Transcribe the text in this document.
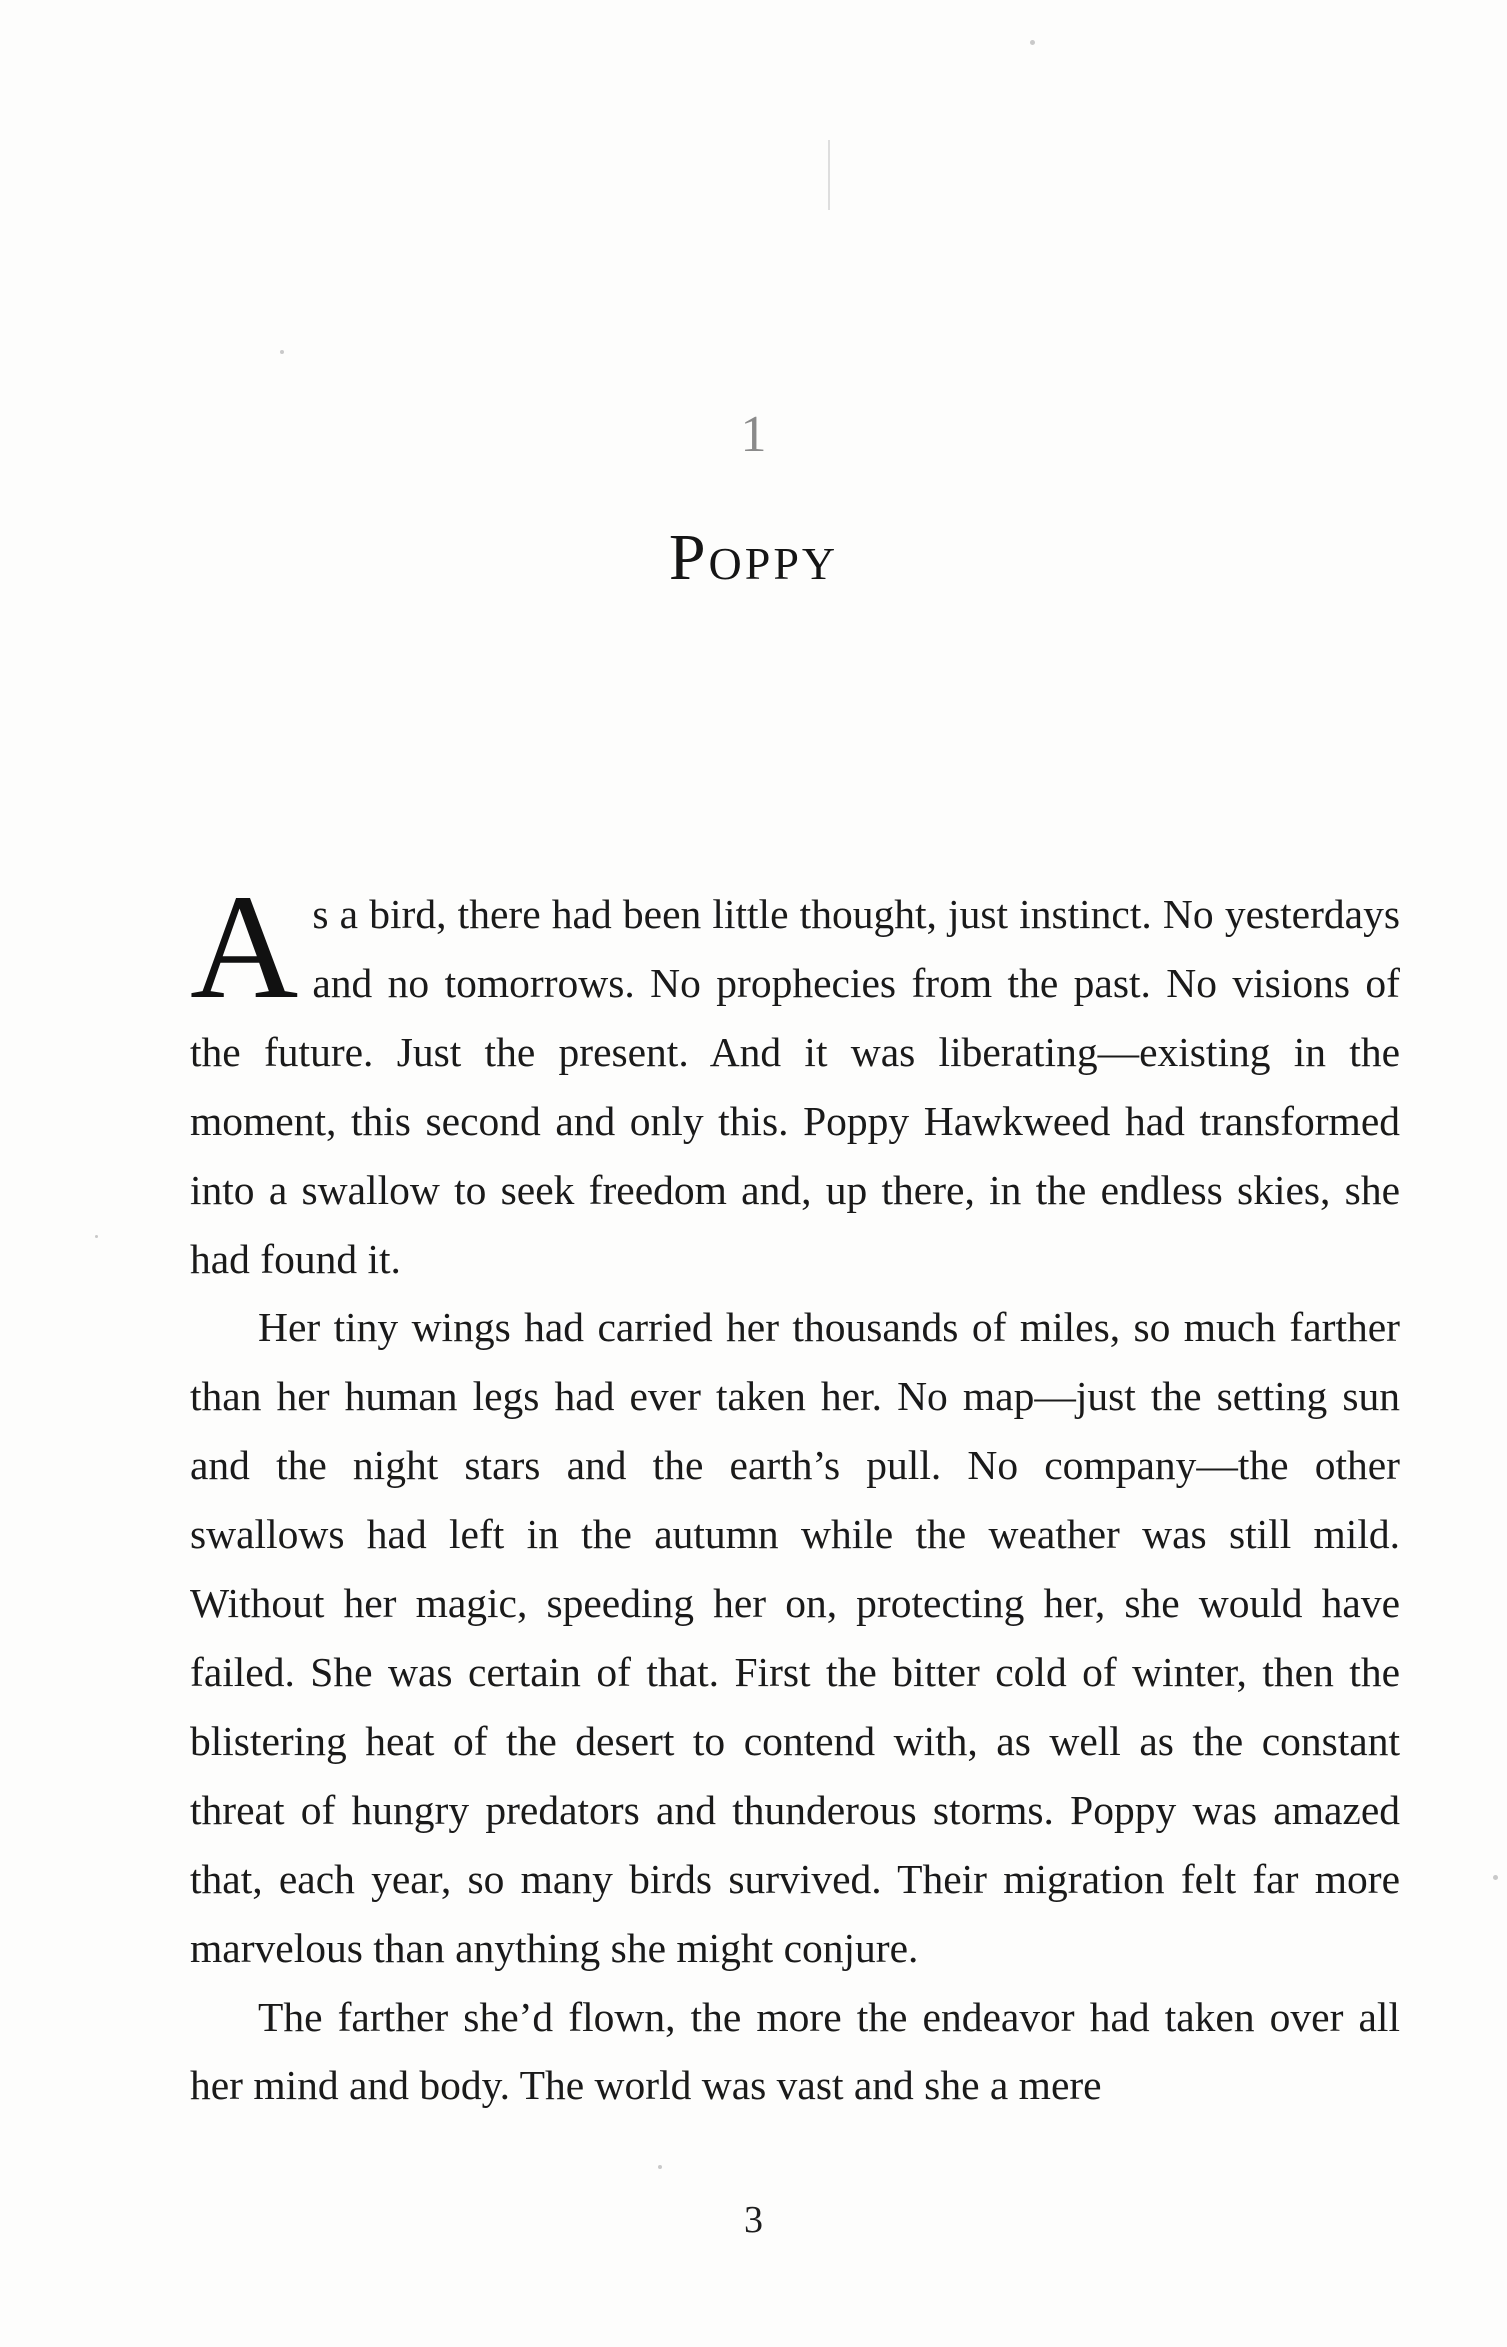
1
Poppy

As a bird, there had been little thought, just instinct. No yesterdays and no tomorrows. No prophecies from the past. No visions of the future. Just the present. And it was liberating—existing in the moment, this second and only this. Poppy Hawkweed had transformed into a swallow to seek freedom and, up there, in the endless skies, she had found it.

Her tiny wings had carried her thousands of miles, so much farther than her human legs had ever taken her. No map—just the setting sun and the night stars and the earth’s pull. No company—the other swallows had left in the autumn while the weather was still mild. Without her magic, speeding her on, protecting her, she would have failed. She was certain of that. First the bitter cold of winter, then the blistering heat of the desert to contend with, as well as the constant threat of hungry predators and thunderous storms. Poppy was amazed that, each year, so many birds survived. Their migration felt far more marvelous than anything she might conjure.

The farther she’d flown, the more the endeavor had taken over all her mind and body. The world was vast and she a mere

3
